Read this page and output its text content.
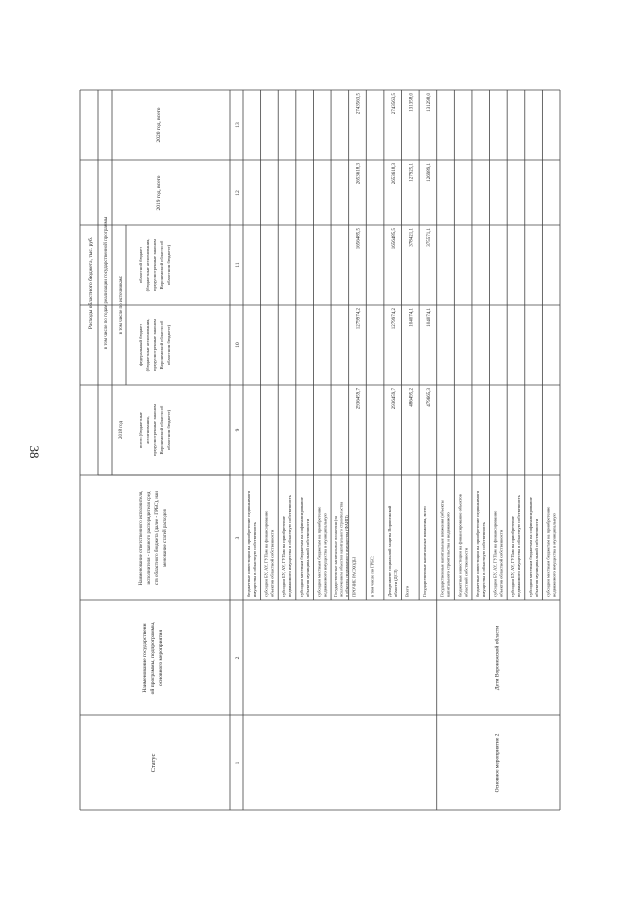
38
Статус
Наименование государственн ой программы, подпрограммы, основного мероприятия
Наименование ответственного исполнителя, исполнителя - главного распорядителя сред ств областного бюджета (далее - ГРБС), наи менование статей расходов
Расходы областного бюджета, тыс. руб. в том числе по годам реализации государственной программы
2018 год
в том числе по источникам:
2019 год, всего
2020 год, всего
всего (бюджетные ассигнования, предусмотренные законом Воронежской области об областном бюджете)
федеральный бюджет (бюджетные ассигнования, предусмотренные законом Воронежской области об областном бюджете)
областной бюджет (бюджетные ассигнования, предусмотренные законом Воронежской области об областном бюджете)
1
2
3
9
10
11
12
13
бюджетные инвестиции на приобретение недвижимого имущества в областную собственность субсидии БУ, АУ, ГУПам на финансирование объектов областной собственности субсидии БУ, АУ, ГУПам на приобретение недвижимого имущества в областную собственность субсидии местным бюджетам на софинансирование объектов муниципальной собственности субсидии местным бюджетам на приобретение недвижимого имущества в муниципальную Государственные капитальные вложения (за исключением объектов капитального строительства в объекты недвижимого имущества (ФАИП) ПРОЧИЕ РАСХОДЫ
2936459,7
1279974,2
1656485,5
2653618,3
2743563,5
в том числе по ГРБС:	Департамент социальной защиты Воронежской области (ДСЗ)
2936459,7
1279974,2
1656485,5
2653618,3
2743563,5
Всего
486495,2
104074,1
378421,1
127925,1
131358,0
Государственные капитальные вложения, всего
479665,3
104074,1
375571,1
126989,1
131298,0
Государственные капитальные вложения (объекты капитального строительства и недвижимого бюджетные инвестиции на финансирование объектов областной собственности бюджетные инвестиции на приобретение недвижимого имущества в областную собственность субсидии БУ, АУ, ГУПам на финансирование объектов областной собственности субсидии БУ, АУ, ГУПам на приобретение недвижимого имущества в областную собственность субсидии местным бюджетам на софинансирование объектов муниципальной собственности субсидии местным бюджетам на приобретение недвижимого имущества в муниципальную
Основное мероприятие 2
Дети Воронежской области
